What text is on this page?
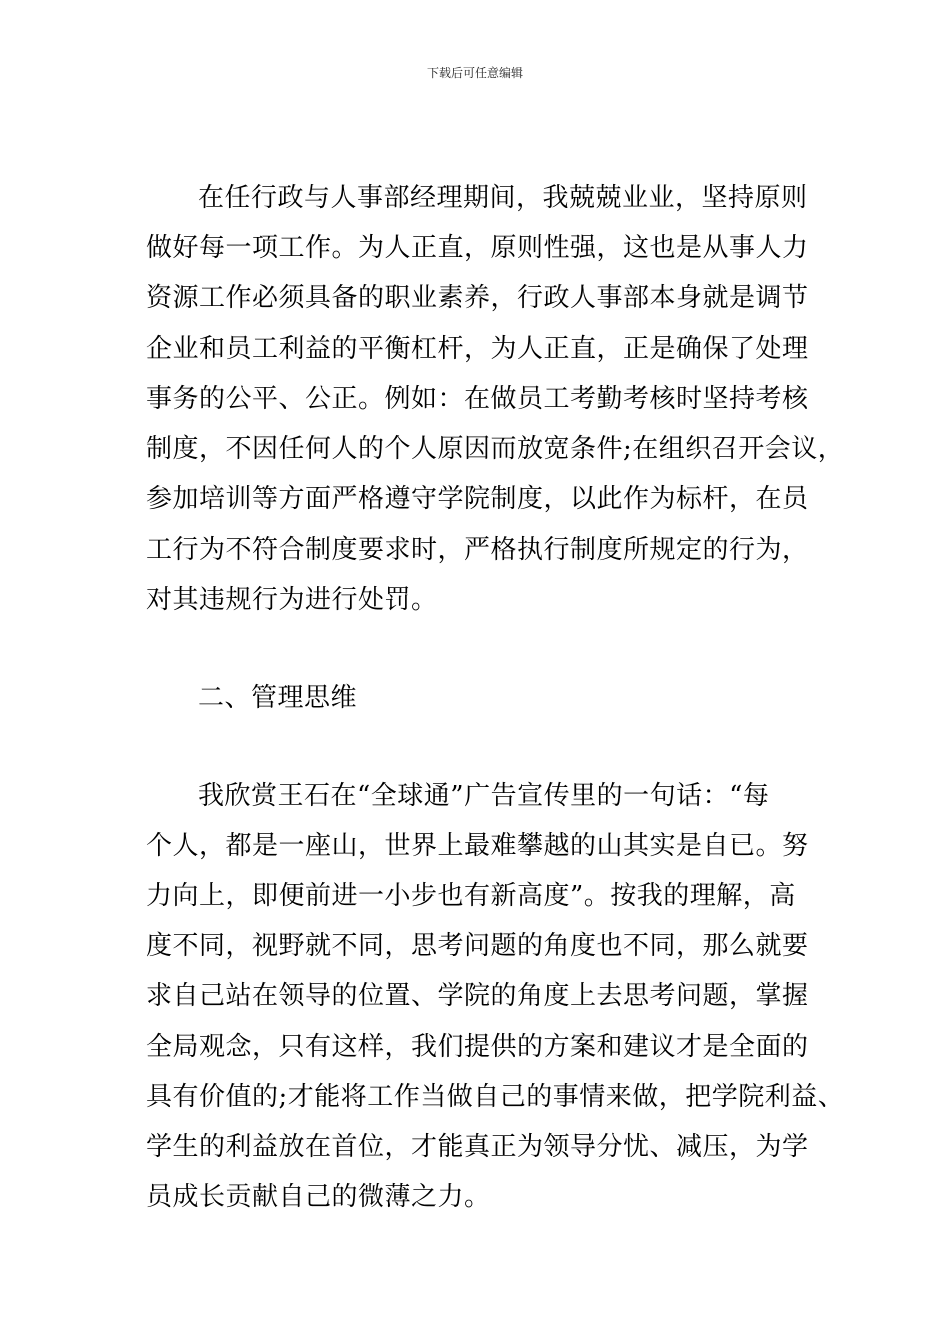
下载后可任意编辑
在任行政与人事部经理期间，我兢兢业业，坚持原则
做好每一项工作。为人正直，原则性强，这也是从事人力
资源工作必须具备的职业素养，行政人事部本身就是调节
企业和员工利益的平衡杠杆，为人正直，正是确保了处理
事务的公平、公正。例如：在做员工考勤考核时坚持考核
制度，不因任何人的个人原因而放宽条件;在组织召开会议，
参加培训等方面严格遵守学院制度，以此作为标杆，在员
工行为不符合制度要求时，严格执行制度所规定的行为，
对其违规行为进行处罚。
二、管理思维
我欣赏王石在“全球通”广告宣传里的一句话：“每
个人，都是一座山，世界上最难攀越的山其实是自已。努
力向上，即便前进一小步也有新高度”。按我的理解，高
度不同，视野就不同，思考问题的角度也不同，那么就要
求自己站在领导的位置、学院的角度上去思考问题，掌握
全局观念，只有这样，我们提供的方案和建议才是全面的
具有价值的;才能将工作当做自己的事情来做，把学院利益、
学生的利益放在首位，才能真正为领导分忧、减压，为学
员成长贡献自己的微薄之力。
